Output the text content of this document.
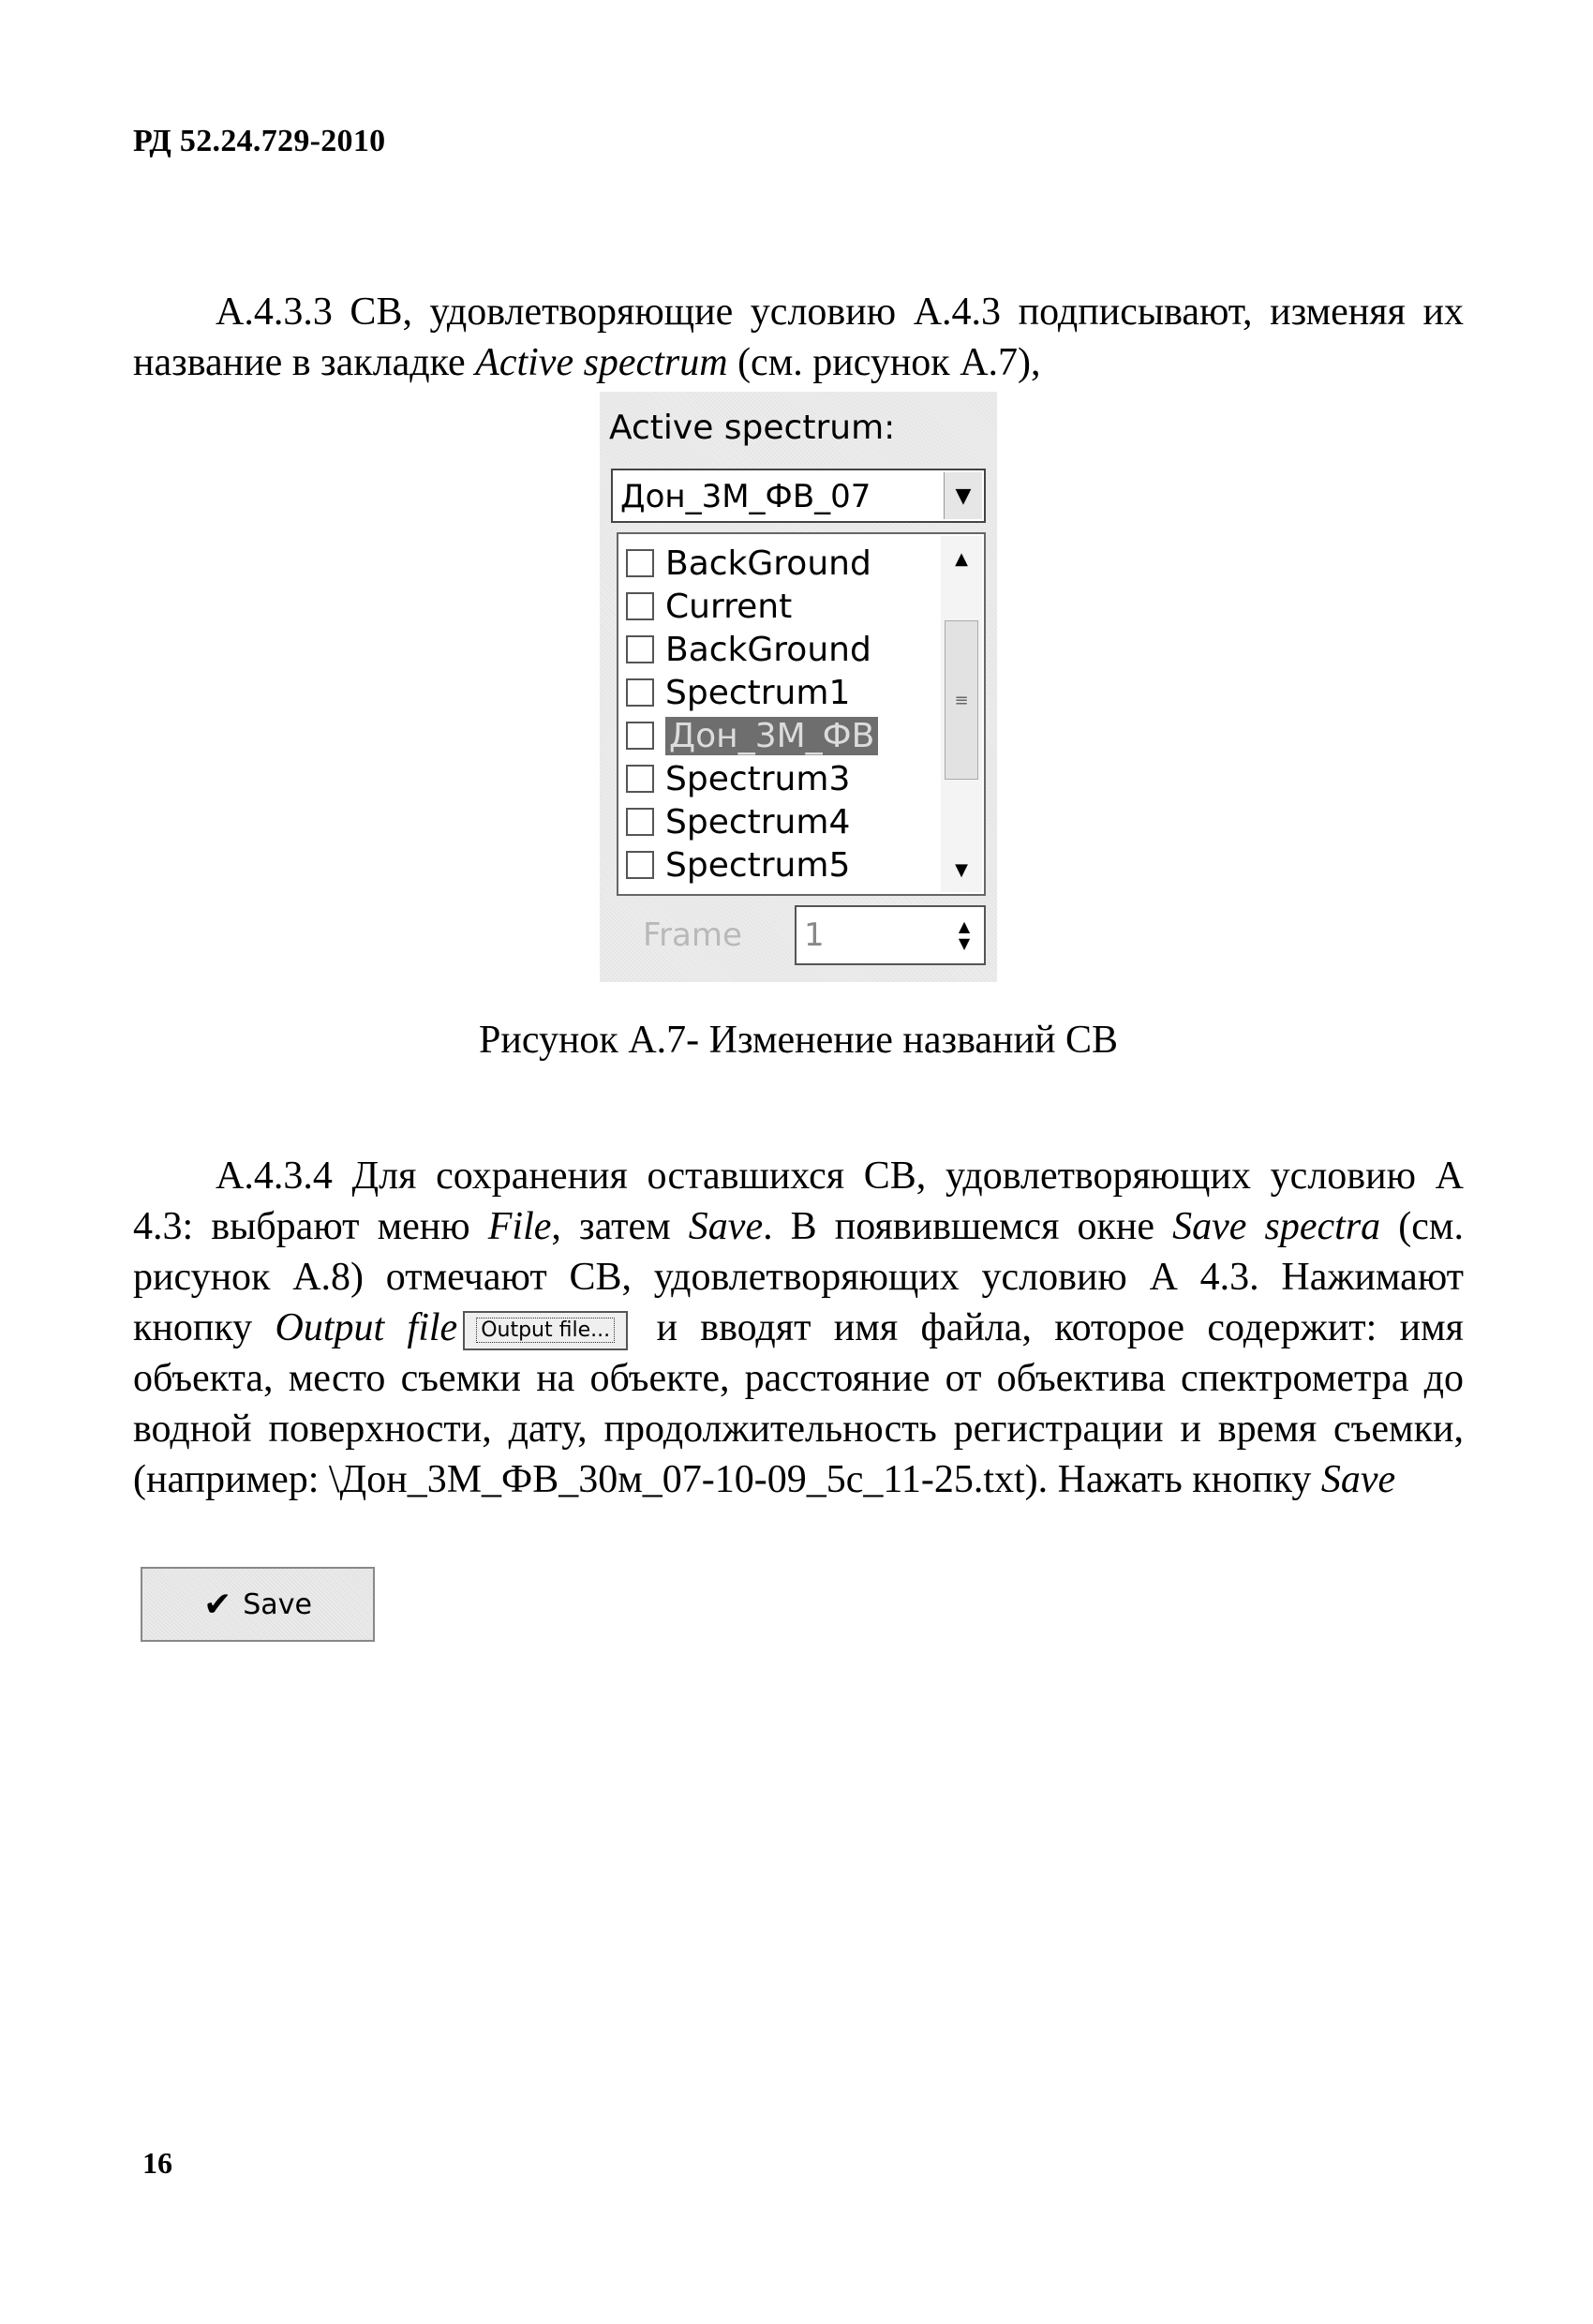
РД 52.24.729-2010

А.4.3.3 СВ, удовлетворяющие условию А.4.3 подписывают, изменяя их название в закладке Active spectrum (см. рисунок А.7),

Active spectrum:
Дон_3М_ФВ_07	▼
BackGround
Current
BackGround
Spectrum1
Дон_3М_ФВ
Spectrum3
Spectrum4
Spectrum5
▲
≡
▼
Frame 1	▲
▼
Рисунок А.7- Изменение названий СВ

А.4.3.4 Для сохранения оставшихся СВ, удовлетворяющих условию А 4.3: выбрают меню File, затем Save. В появившемся окне Save spectra (см. рисунок А.8) отмечают СВ, удовлетворяющих условию А 4.3. Нажимают кнопку Output file Output file... и вводят имя файла, которое содержит: имя объекта, место съемки на объекте, расстояние от объектива спектрометра до водной поверхности, дату, продолжительность регистрации и время съемки, (например: \Дон_3М_ФВ_30м_07-10-09_5с_11-25.txt). Нажать кнопку Save

✔ Save
16
